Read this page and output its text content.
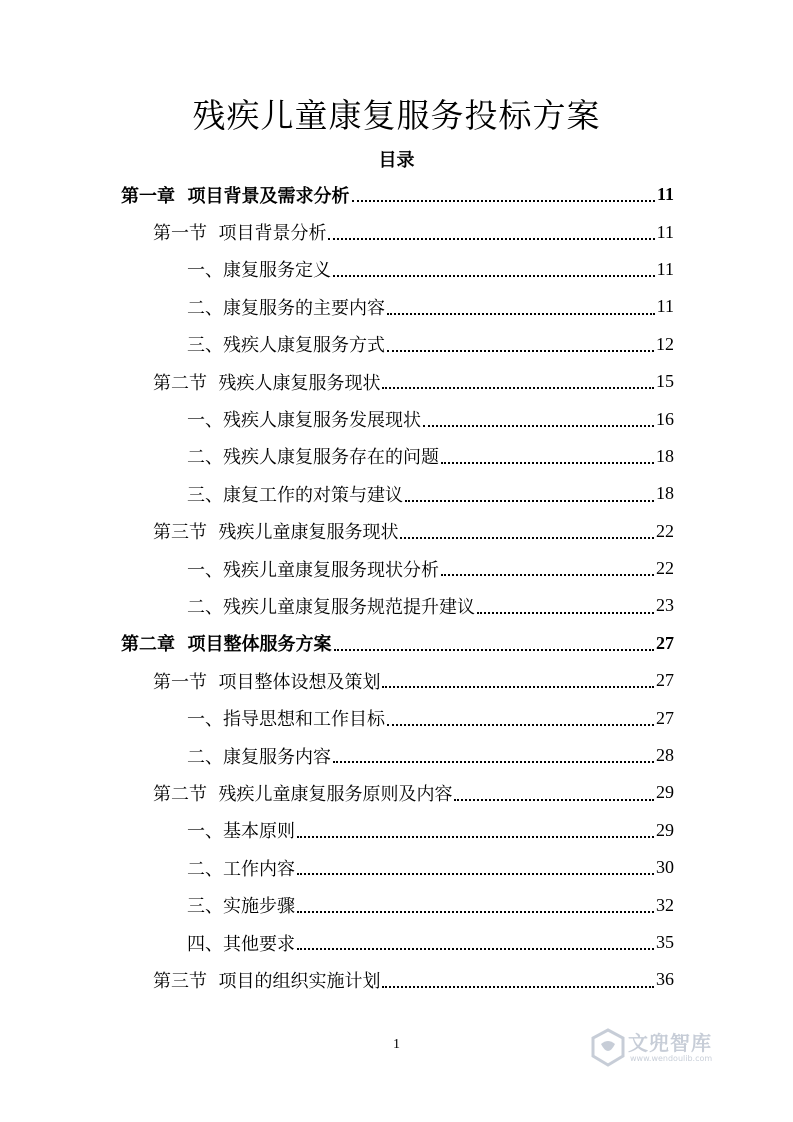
残疾儿童康复服务投标方案
目录
第一章  项目背景及需求分析	11
第一节  项目背景分析	11
一、康复服务定义	11
二、康复服务的主要内容	11
三、残疾人康复服务方式	12
第二节  残疾人康复服务现状	15
一、残疾人康复服务发展现状	16
二、残疾人康复服务存在的问题	18
三、康复工作的对策与建议	18
第三节  残疾儿童康复服务现状	22
一、残疾儿童康复服务现状分析	22
二、残疾儿童康复服务规范提升建议	23
第二章  项目整体服务方案	27
第一节  项目整体设想及策划	27
一、指导思想和工作目标	27
二、康复服务内容	28
第二节  残疾儿童康复服务原则及内容	29
一、基本原则	29
二、工作内容	30
三、实施步骤	32
四、其他要求	35
第三节  项目的组织实施计划	36
1	文兜智库
www.wendoulib.com
